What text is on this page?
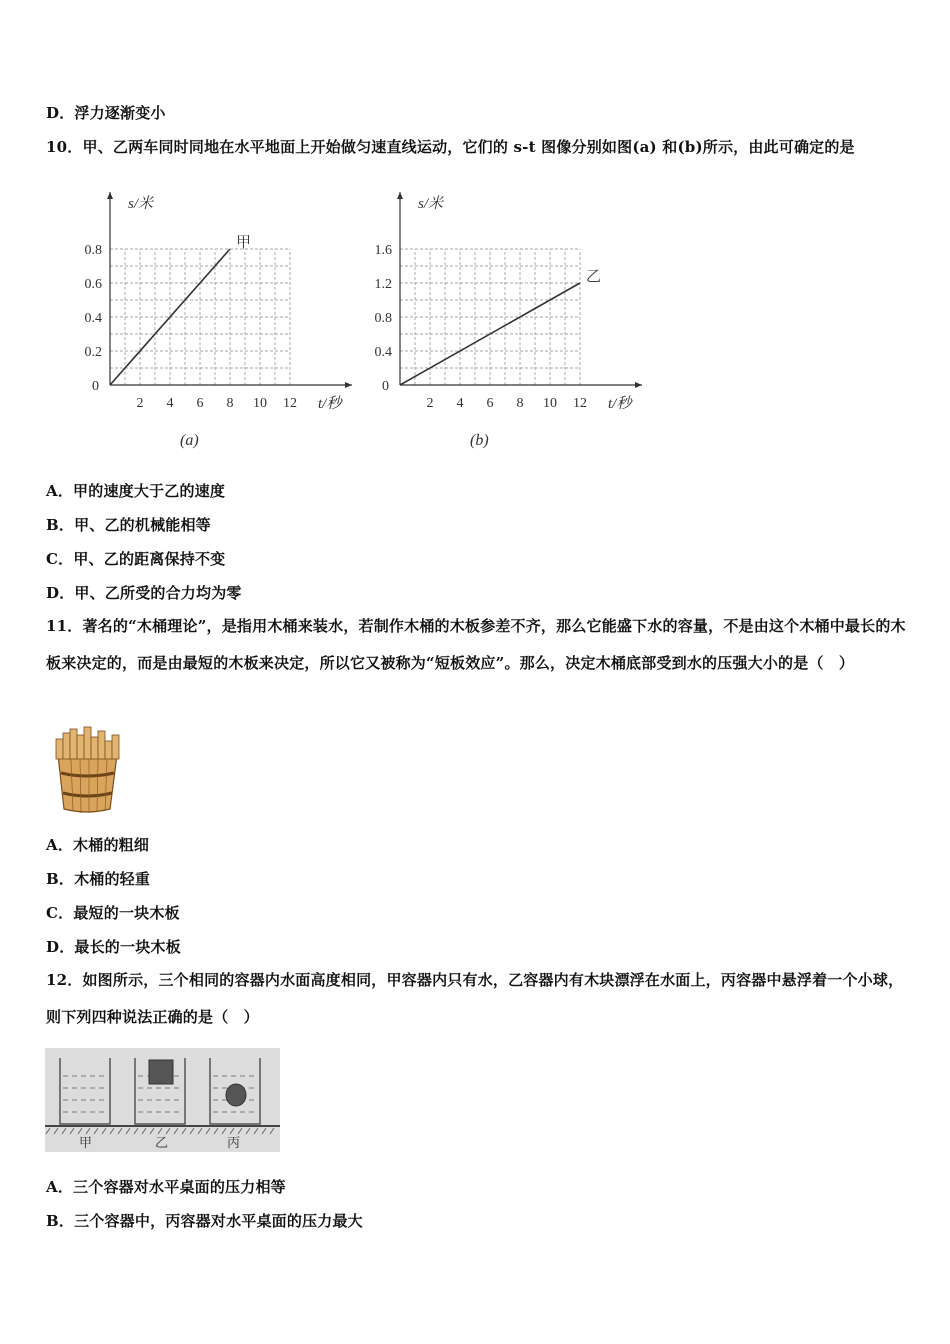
D．浮力逐渐变小
10．甲、乙两车同时同地在水平地面上开始做匀速直线运动，它们的 s-t 图像分别如图(a) 和(b)所示，由此可确定的是
s/米
t/秒
0
2 4 6 8 10 12
0.2
0.4
0.6
0.8	甲
(a)
s/米
t/秒
0
2 4 6 8 10 12
0.4
0.8
1.2
1.6
乙
(b)
A．甲的速度大于乙的速度
B．甲、乙的机械能相等
C．甲、乙的距离保持不变
D．甲、乙所受的合力均为零
11．著名的“木桶理论”，是指用木桶来装水，若制作木桶的木板参差不齐，那么它能盛下水的容量，不是由这个木桶中最长的木板来决定的，而是由最短的木板来决定，所以它又被称为“短板效应”。那么，决定木桶底部受到水的压强大小的是（　）
A．木桶的粗细
B．木桶的轻重
C．最短的一块木板
D．最长的一块木板
12．如图所示，三个相同的容器内水面高度相同，甲容器内只有水，乙容器内有木块漂浮在水面上，丙容器中悬浮着一个小球，则下列四种说法正确的是（　）
甲	乙	丙
A．三个容器对水平桌面的压力相等
B．三个容器中，丙容器对水平桌面的压力最大
